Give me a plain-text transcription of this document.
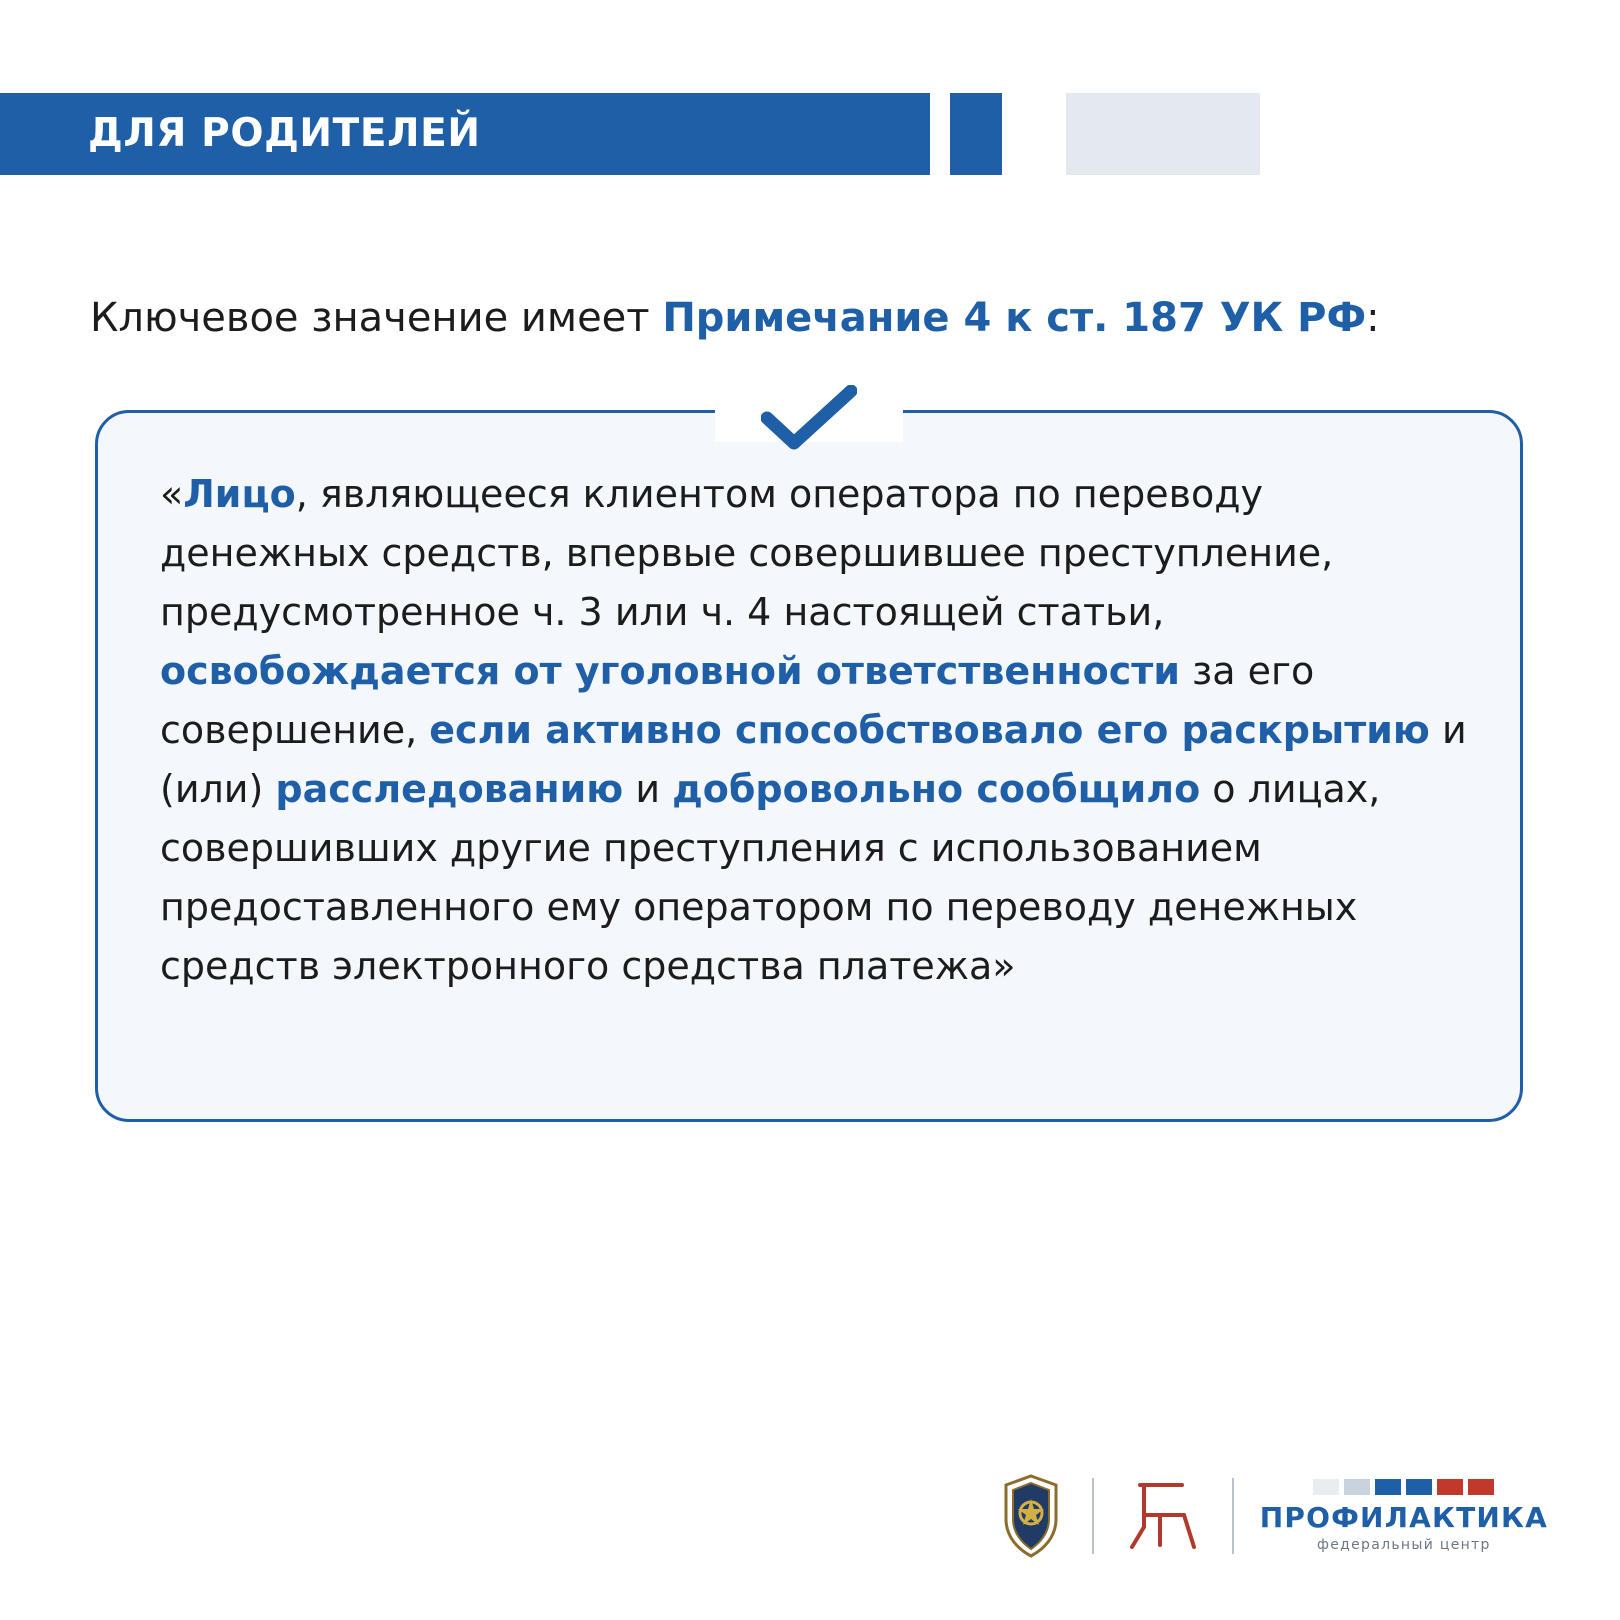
ДЛЯ РОДИТЕЛЕЙ
Ключевое значение имеет Примечание 4 к ст. 187 УК РФ:
«Лицо, являющееся клиентом оператора по переводу денежных средств, впервые совершившее преступление, предусмотренное ч. 3 или ч. 4 настоящей статьи, освобождается от уголовной ответственности за его совершение, если активно способствовало его раскрытию и (или) расследованию и добровольно сообщило о лицах, совершивших другие преступления с использованием предоставленного ему оператором по переводу денежных средств электронного средства платежа»
ПРОФИЛАКТИКА
федеральный центр
